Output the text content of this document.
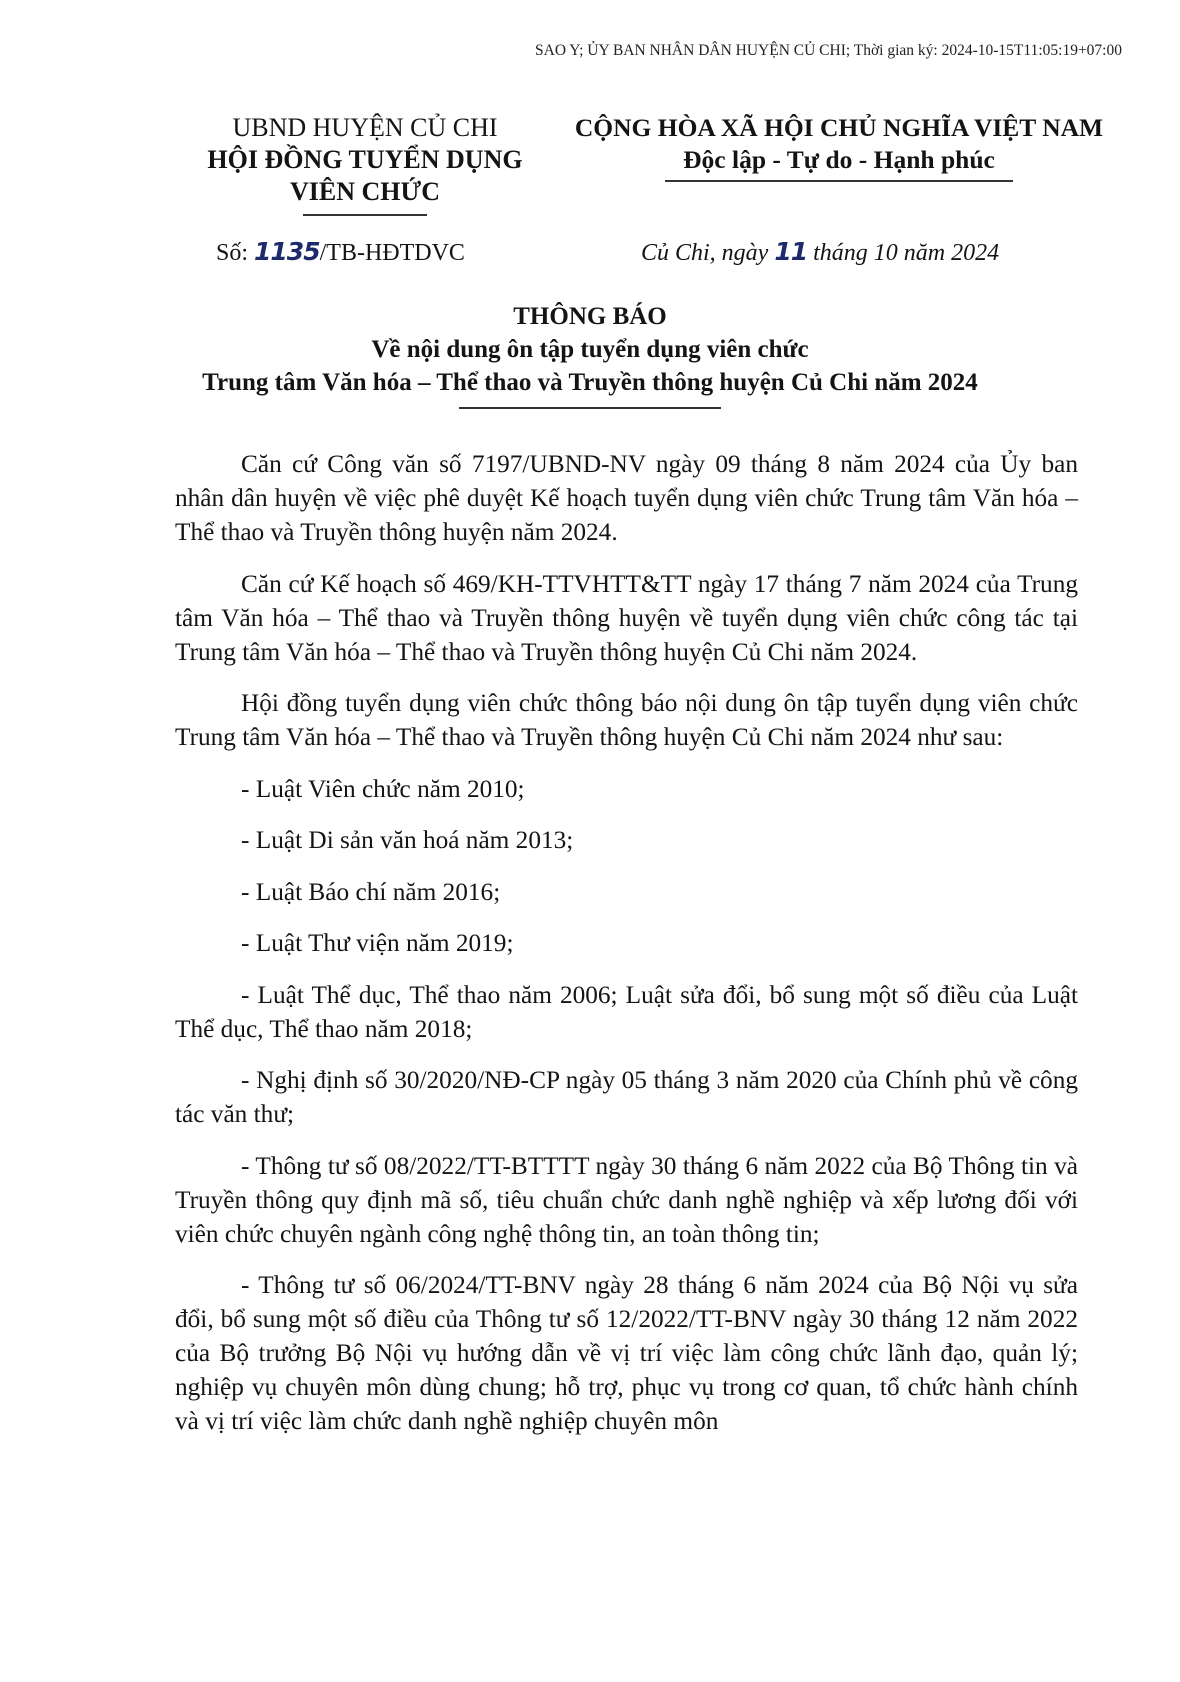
SAO Y; ỦY BAN NHÂN DÂN HUYỆN CỦ CHI; Thời gian ký: 2024-10-15T11:05:19+07:00
UBND HUYỆN CỦ CHI
HỘI ĐỒNG TUYỂN DỤNG
VIÊN CHỨC
CỘNG HÒA XÃ HỘI CHỦ NGHĨA VIỆT NAM
Độc lập - Tự do - Hạnh phúc
Số: 1135/TB-HĐTDVC	Củ Chi, ngày 11 tháng 10 năm 2024
THÔNG BÁO
Về nội dung ôn tập tuyển dụng viên chức
Trung tâm Văn hóa – Thể thao và Truyền thông huyện Củ Chi năm 2024

Căn cứ Công văn số 7197/UBND-NV ngày 09 tháng 8 năm 2024 của Ủy ban nhân dân huyện về việc phê duyệt Kế hoạch tuyển dụng viên chức Trung tâm Văn hóa – Thể thao và Truyền thông huyện năm 2024.

Căn cứ Kế hoạch số 469/KH-TTVHTT&TT ngày 17 tháng 7 năm 2024 của Trung tâm Văn hóa – Thể thao và Truyền thông huyện về tuyển dụng viên chức công tác tại Trung tâm Văn hóa – Thể thao và Truyền thông huyện Củ Chi năm 2024.

Hội đồng tuyển dụng viên chức thông báo nội dung ôn tập tuyển dụng viên chức Trung tâm Văn hóa – Thể thao và Truyền thông huyện Củ Chi năm 2024 như sau:

- Luật Viên chức năm 2010;

- Luật Di sản văn hoá năm 2013;

- Luật Báo chí năm 2016;

- Luật Thư viện năm 2019;

- Luật Thể dục, Thể thao năm 2006; Luật sửa đổi, bổ sung một số điều của Luật Thể dục, Thể thao năm 2018;

- Nghị định số 30/2020/NĐ-CP ngày 05 tháng 3 năm 2020 của Chính phủ về công tác văn thư;

- Thông tư số 08/2022/TT-BTTTT ngày 30 tháng 6 năm 2022 của Bộ Thông tin và Truyền thông quy định mã số, tiêu chuẩn chức danh nghề nghiệp và xếp lương đối với viên chức chuyên ngành công nghệ thông tin, an toàn thông tin;

- Thông tư số 06/2024/TT-BNV ngày 28 tháng 6 năm 2024 của Bộ Nội vụ sửa đổi, bổ sung một số điều của Thông tư số 12/2022/TT-BNV ngày 30 tháng 12 năm 2022 của Bộ trưởng Bộ Nội vụ hướng dẫn về vị trí việc làm công chức lãnh đạo, quản lý; nghiệp vụ chuyên môn dùng chung; hỗ trợ, phục vụ trong cơ quan, tổ chức hành chính và vị trí việc làm chức danh nghề nghiệp chuyên môn
